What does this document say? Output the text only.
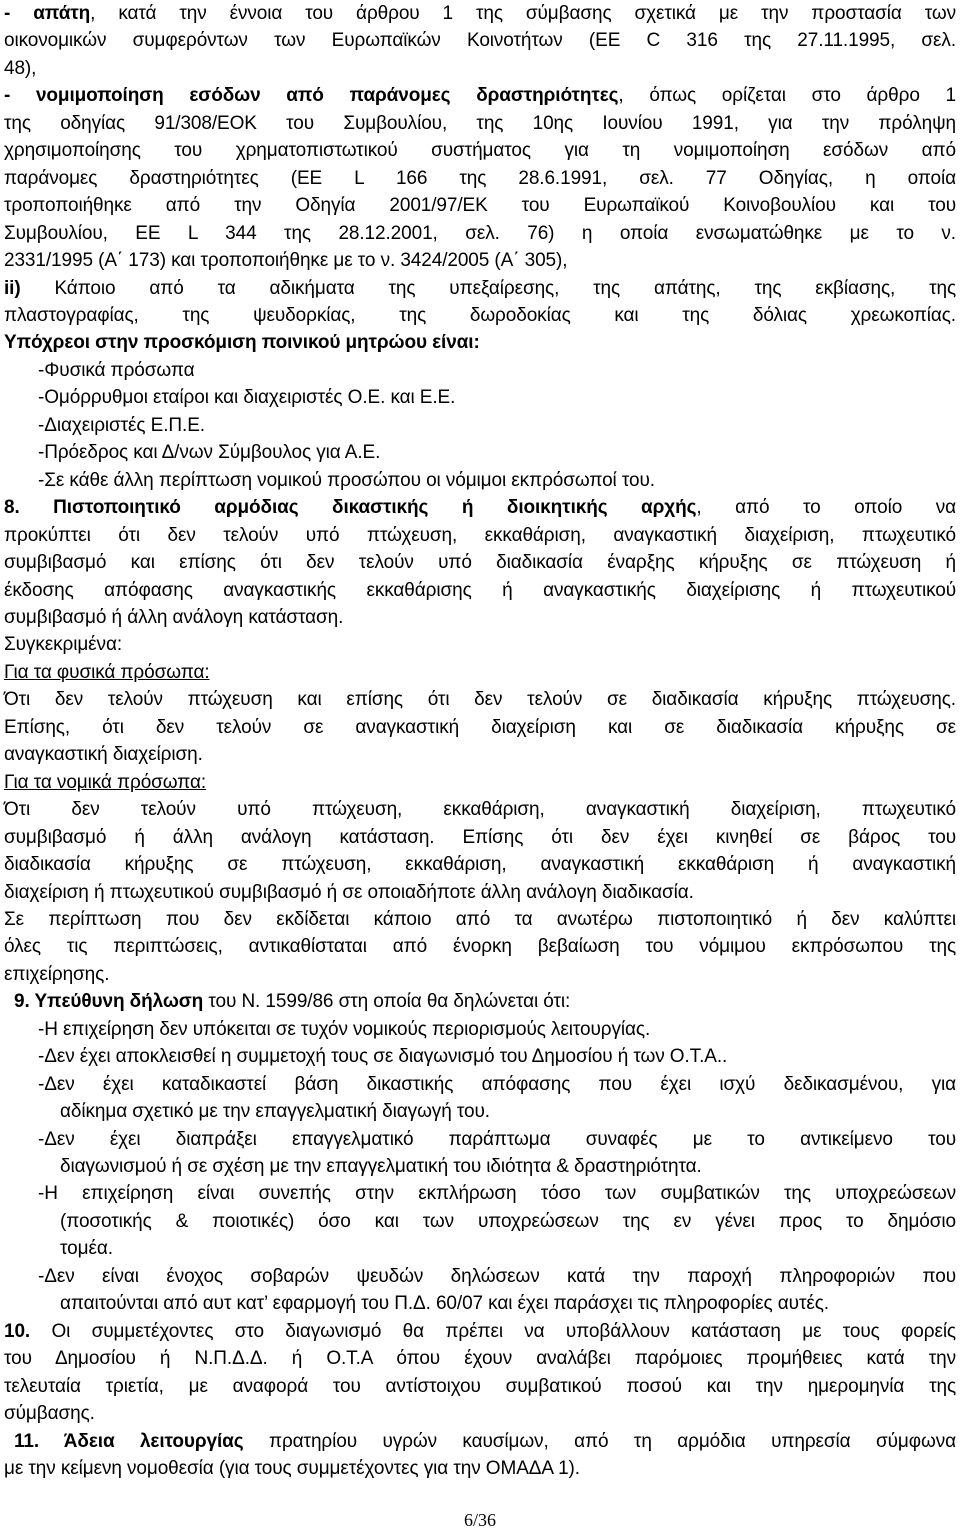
- απάτη, κατά την έννοια του άρθρου 1 της σύμβασης σχετικά με την προστασία των
οικονομικών συμφερόντων των Ευρωπαϊκών Κοινοτήτων (ΕΕ C 316 της 27.11.1995, σελ.
48),
- νομιμοποίηση εσόδων από παράνομες δραστηριότητες, όπως ορίζεται στο άρθρο 1
της οδηγίας 91/308/ΕΟΚ του Συμβουλίου, της 10ης Ιουνίου 1991, για την πρόληψη
χρησιμοποίησης του χρηματοπιστωτικού συστήματος για τη νομιμοποίηση εσόδων από
παράνομες δραστηριότητες (ΕΕ L 166 της 28.6.1991, σελ. 77 Οδηγίας, η οποία
τροποποιήθηκε από την Οδηγία 2001/97/ΕΚ του Ευρωπαϊκού Κοινοβουλίου και του
Συμβουλίου, ΕΕ L 344 της 28.12.2001, σελ. 76) η οποία ενσωματώθηκε με το ν.
2331/1995 (Α΄ 173) και τροποποιήθηκε με το ν. 3424/2005 (Α΄ 305),
ii) Κάποιο από τα αδικήματα της υπεξαίρεσης, της απάτης, της εκβίασης, της
πλαστογραφίας, της ψευδορκίας, της δωροδοκίας και της δόλιας χρεωκοπίας.
Υπόχρεοι στην προσκόμιση ποινικού μητρώου είναι:
-Φυσικά πρόσωπα
-Ομόρρυθμοι εταίροι και διαχειριστές Ο.Ε. και Ε.Ε.
-Διαχειριστές Ε.Π.Ε.
-Πρόεδρος και Δ/νων Σύμβουλος για Α.Ε.
-Σε κάθε άλλη περίπτωση νομικού προσώπου οι νόμιμοι εκπρόσωποί του.
8. Πιστοποιητικό αρμόδιας δικαστικής ή διοικητικής αρχής, από το οποίο να
προκύπτει ότι δεν τελούν υπό πτώχευση, εκκαθάριση, αναγκαστική διαχείριση, πτωχευτικό
συμβιβασμό και επίσης ότι δεν τελούν υπό διαδικασία έναρξης κήρυξης σε πτώχευση ή
έκδοσης απόφασης αναγκαστικής εκκαθάρισης ή αναγκαστικής διαχείρισης ή πτωχευτικού
συμβιβασμό ή άλλη ανάλογη κατάσταση.
Συγκεκριμένα:
Για τα φυσικά πρόσωπα:
Ότι δεν τελούν πτώχευση και επίσης ότι δεν τελούν σε διαδικασία κήρυξης πτώχευσης.
Επίσης, ότι δεν τελούν σε αναγκαστική διαχείριση και σε διαδικασία κήρυξης σε
αναγκαστική διαχείριση.
Για τα νομικά πρόσωπα:
Ότι δεν τελούν υπό πτώχευση, εκκαθάριση, αναγκαστική διαχείριση, πτωχευτικό
συμβιβασμό ή άλλη ανάλογη κατάσταση. Επίσης ότι δεν έχει κινηθεί σε βάρος του
διαδικασία κήρυξης σε πτώχευση, εκκαθάριση, αναγκαστική εκκαθάριση ή αναγκαστική
διαχείριση ή πτωχευτικού συμβιβασμό ή σε οποιαδήποτε άλλη ανάλογη διαδικασία.
Σε περίπτωση που δεν εκδίδεται κάποιο από τα ανωτέρω πιστοποιητικό ή δεν καλύπτει
όλες τις περιπτώσεις, αντικαθίσταται από ένορκη βεβαίωση του νόμιμου εκπρόσωπου της
επιχείρησης.
9. Υπεύθυνη δήλωση του Ν. 1599/86 στη οποία θα δηλώνεται ότι:
-Η επιχείρηση δεν υπόκειται σε τυχόν νομικούς περιορισμούς λειτουργίας.
-Δεν έχει αποκλεισθεί η συμμετοχή τους σε διαγωνισμό του Δημοσίου ή των Ο.Τ.Α..
-Δεν έχει καταδικαστεί βάση δικαστικής απόφασης που έχει ισχύ δεδικασμένου, για
αδίκημα σχετικό με την επαγγελματική διαγωγή του.
-Δεν έχει διαπράξει επαγγελματικό παράπτωμα συναφές με το αντικείμενο του
διαγωνισμού ή σε σχέση με την επαγγελματική του ιδιότητα & δραστηριότητα.
-Η επιχείρηση είναι συνεπής στην εκπλήρωση τόσο των συμβατικών της υποχρεώσεων
(ποσοτικής & ποιοτικές) όσο και των υποχρεώσεων της εν γένει προς το δημόσιο
τομέα.
-Δεν είναι ένοχος σοβαρών ψευδών δηλώσεων κατά την παροχή πληροφοριών που
απαιτούνται από αυτ κατ’ εφαρμογή του Π.Δ. 60/07 και έχει παράσχει τις πληροφορίες αυτές.
10. Οι συμμετέχοντες στο διαγωνισμό θα πρέπει να υποβάλλουν κατάσταση με τους φορείς
του Δημοσίου ή Ν.Π.Δ.Δ. ή Ο.Τ.Α όπου έχουν αναλάβει παρόμοιες προμήθειες κατά την
τελευταία τριετία, με αναφορά του αντίστοιχου συμβατικού ποσού και την ημερομηνία της
σύμβασης.
11. Άδεια λειτουργίας πρατηρίου υγρών καυσίμων, από τη αρμόδια υπηρεσία σύμφωνα
με την κείμενη νομοθεσία (για τους συμμετέχοντες για την ΟΜΑΔΑ 1).
6/36
